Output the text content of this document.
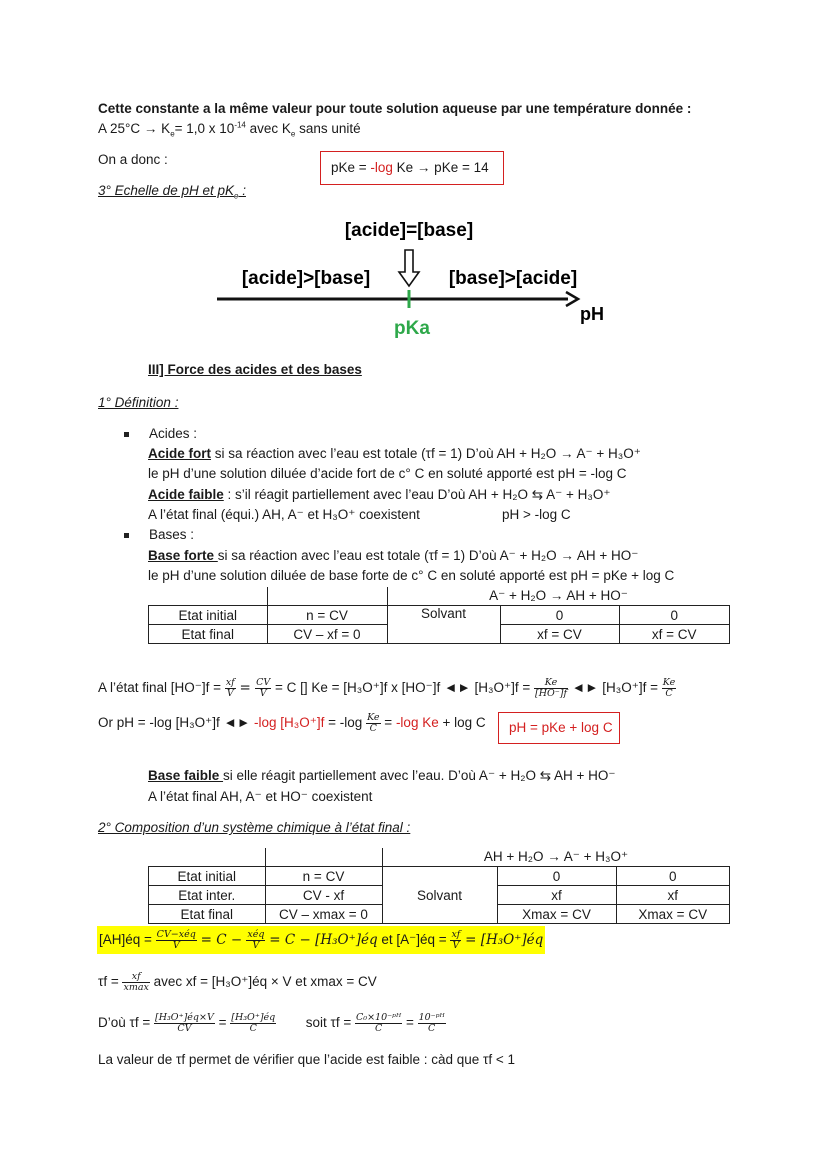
Cette constante a la même valeur pour toute solution aqueuse par une température donnée :
A $25^\circ C \to K_e= 1,0$ x $10^{-14}$ avec $K_e$ sans unité
On a donc :
pKe = -log Ke → pKe = 14
3° Echelle de pH et $pK_e$ :
[acide]=[base]
[acide]>[base]	[base]>[acide]
pH
pKa
III] Force des acides et des bases
1° Définition :
Acides :
Acide fort si sa réaction avec l’eau est totale (τf = 1) D’où AH + H₂O → A⁻ + H₃O⁺
le pH d’une solution diluée d’acide fort de c° C en soluté apporté est pH = -log C
Acide faible : s’il réagit partiellement avec l’eau D’où AH + H₂O ⇆ A⁻ + H₃O⁺
A l’état final (équi.) AH, A⁻ et H₃O⁺ coexistent	pH > -log C
Bases :
Base forte si sa réaction avec l’eau est totale (τf = 1) D’où A⁻ + H₂O → AH + HO⁻
le pH d’une solution diluée de base forte de c° C en soluté apporté est pH = pKe + log C
		A⁻ + H₂O → AH + HO⁻		
Etat initial	n = CV	Solvant	0	0
Etat final	CV – xf = 0		xf = CV	xf = CV
A l’état final $[HO^-]f = \frac{xf}{V} = \frac{CV}{V} = C$ [] Ke = [H₃O⁺]f x [HO⁻]f ◄► $[H_3O^+]f = \frac{Ke}{[HO^-]f}$ ◄► $[H_3O^+]f = \frac{Ke}{C}$
Or pH = -log [H₃O⁺]f ◄► -log $[H_3O^+]f = -\log \frac{Ke}{C} = -\log$ Ke + log C	pH = pKe + log C
Base faible si elle réagit partiellement avec l’eau. D’où A⁻ + H₂O ⇆ AH + HO⁻
A l’état final AH, A⁻ et HO⁻ coexistent
2° Composition d’un système chimique à l’état final :
		AH + H₂O → A⁻ + H₃O⁺		
Etat initial	n = CV	Solvant	0	0
Etat inter.	CV - xf		xf	xf
Etat final	CV – xmax = 0		Xmax = CV	Xmax = CV
[AH]éq = $\frac{\text{CV−xéq}}{V} = C - \frac{\text{xéq}}{V} = C$ − [H₃O⁺]éq et [A⁻]éq = $\frac{xf}{V}$ = [H₃O⁺]éq
$\tau f = \frac{xf}{xmax}$ avec xf = [H₃O⁺]éq × V et xmax = CV
D’où $\tau f = \frac{\text{[H₃O⁺]éq×V}}{CV} = \frac{\text{[H₃O⁺]éq}}{C}$ soit $\tau f = \frac{\text{C₀×10⁻ᵖᴴ}}{C} = \frac{\text{10⁻ᵖᴴ}}{C}$
La valeur de τf permet de vérifier que l’acide est faible : càd que τf < 1
